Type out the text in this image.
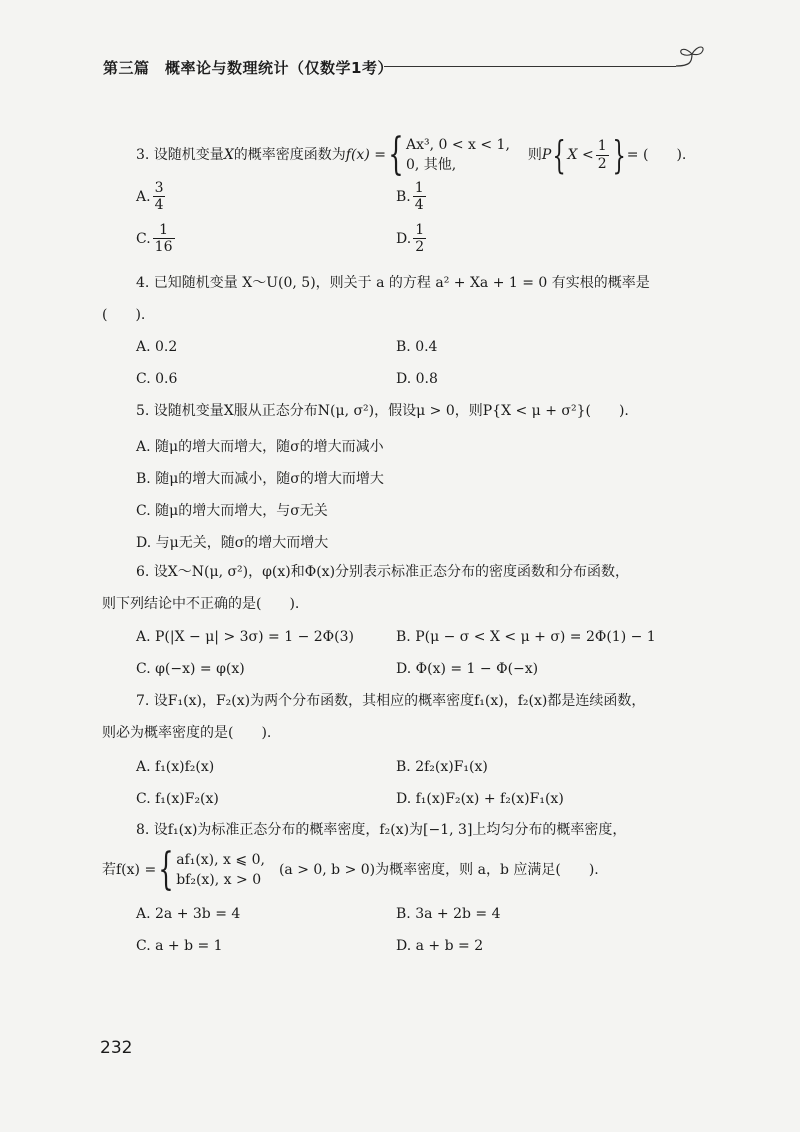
第三篇　概率论与数理统计（仅数学1考）
3. 设随机变量 X 的概率密度函数为 f(x) = { Ax³, 0 < x < 1,
0, 其他,
则 P { $X < \frac{1}{2}$ } = (　　).
A. $\frac{3}{4}$	B. $\frac{1}{4}$
C. $\frac{1}{16}$	D. $\frac{1}{2}$
4. 已知随机变量 X～U(0, 5)，则关于 a 的方程 a² + Xa + 1 = 0 有实根的概率是
(　　).
A. 0.2	B. 0.4
C. 0.6	D. 0.8
5. 设随机变量X服从正态分布N(μ, σ²)，假设μ > 0，则P{X < μ + σ²}(　　).
A. 随μ的增大而增大，随σ的增大而减小
B. 随μ的增大而减小，随σ的增大而增大
C. 随μ的增大而增大，与σ无关
D. 与μ无关，随σ的增大而增大
6. 设X～N(μ, σ²)，φ(x)和Φ(x)分别表示标准正态分布的密度函数和分布函数，
则下列结论中不正确的是(　　).
A. P(|X − μ| > 3σ) = 1 − 2Φ(3)	B. P(μ − σ < X < μ + σ) = 2Φ(1) − 1
C. φ(−x) = φ(x)	D. Φ(x) = 1 − Φ(−x)
7. 设F₁(x)，F₂(x)为两个分布函数，其相应的概率密度f₁(x)，f₂(x)都是连续函数，
则必为概率密度的是(　　).
A. f₁(x)f₂(x)	B. 2f₂(x)F₁(x)
C. f₁(x)F₂(x)	D. f₁(x)F₂(x) + f₂(x)F₁(x)
8. 设f₁(x)为标准正态分布的概率密度，f₂(x)为[−1, 3]上均匀分布的概率密度，
若f(x) = { af₁(x), x ⩽ 0,
bf₂(x), x > 0
(a > 0, b > 0)为概率密度，则 a，b 应满足(　　).
A. 2a + 3b = 4	B. 3a + 2b = 4
C. a + b = 1	D. a + b = 2
232
